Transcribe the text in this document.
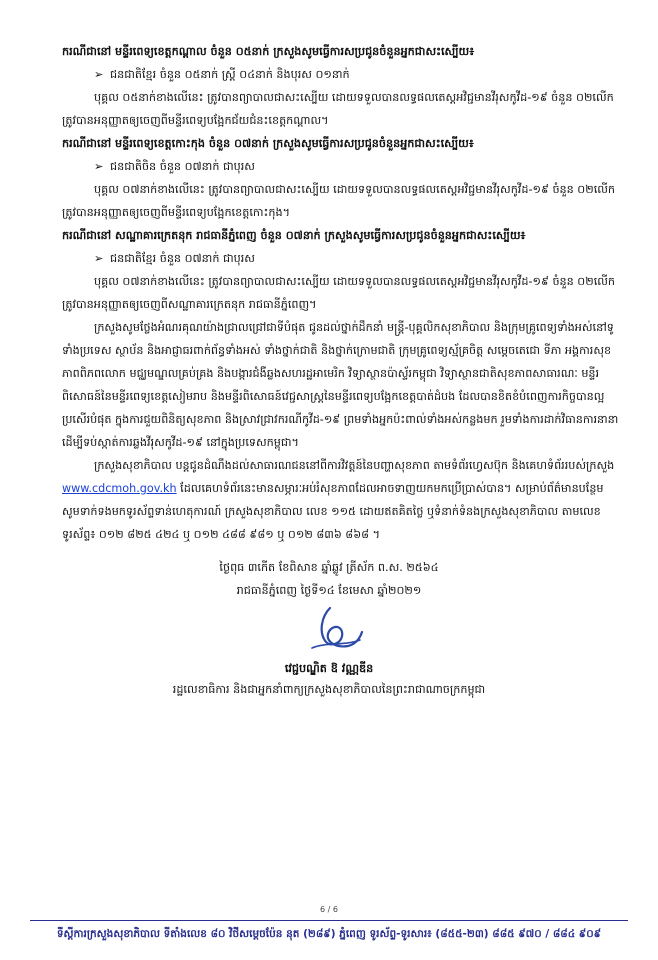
ករណីជានៅ មន្ទីរពេទ្យខេត្តកណ្តាល ចំនួន ០៥នាក់ ក្រសួងសូមធ្វើការសប្រជូនចំនួនអ្នកជាសះស្បើយ៖

➢ ជនជាតិខ្មែរ ចំនួន ០៥នាក់ ស្ត្រី ០៤នាក់ និងបុរស ០១នាក់

បុគ្គល ០៥នាក់ខាងលើនេះ ត្រូវបានព្យាបាលជាសះស្បើយ ដោយទទួលបានលទ្ធផលតេស្តអវិជ្ជមានវីរុសកូវីដ-១៩ ចំនួន ០២លើក ត្រូវបានអនុញ្ញាតឲ្យចេញពីមន្ទីរពេទ្យបង្អែកជ័យជំនះខេត្តកណ្តាល។

ករណីជានៅ មន្ទីរពេទ្យខេត្តកោះកុង ចំនួន ០៧នាក់ ក្រសួងសូមធ្វើការសប្រជូនចំនួនអ្នកជាសះស្បើយ៖

➢ ជនជាតិចិន ចំនួន ០៧នាក់ ជាបុរស

បុគ្គល ០៧នាក់ខាងលើនេះ ត្រូវបានព្យាបាលជាសះស្បើយ ដោយទទួលបានលទ្ធផលតេស្តអវិជ្ជមានវីរុសកូវីដ-១៩ ចំនួន ០២លើក ត្រូវបានអនុញ្ញាតឲ្យចេញពីមន្ទីរពេទ្យបង្អែកខេត្តកោះកុង។

ករណីជានៅ សណ្ឋាគារក្រេតនុក រាជធានីភ្នំពេញ ចំនួន ០៧នាក់ ក្រសួងសូមធ្វើការសប្រជូនចំនួនអ្នកជាសះស្បើយ៖

➢ ជនជាតិខ្មែរ ចំនួន ០៧នាក់ ជាបុរស

បុគ្គល ០៧នាក់ខាងលើនេះ ត្រូវបានព្យាបាលជាសះស្បើយ ដោយទទួលបានលទ្ធផលតេស្តអវិជ្ជមានវីរុសកូវីដ-១៩ ចំនួន ០២លើក ត្រូវបានអនុញ្ញាតឲ្យចេញពីសណ្ឋាគារក្រេតនុក រាជធានីភ្នំពេញ។

ក្រសួងសូមថ្លែងអំណរគុណយ៉ាងជ្រាលជ្រៅជាទីបំផុត ជូនដល់ថ្នាក់ដឹកនាំ មន្ត្រី-បុគ្គលិកសុខាភិបាល និងក្រុមគ្រូពេទ្យទាំងអស់នៅទូទាំងប្រទេស ស្ថាប័ន និងអាជ្ញាធរពាក់ព័ន្ធទាំងអស់ ទាំងថ្នាក់ជាតិ និងថ្នាក់ក្រោមជាតិ ក្រុមគ្រូពេទ្យស្ម័គ្រចិត្ត សម្តេចតេជោ ទីភា អង្គការសុខភាពពិភពលោក មជ្ឈមណ្ឌលគ្រប់គ្រង និងបង្ការជំងឺឆ្លងសហរដ្ឋអាមេរិក វិទ្យាស្ថានប៉ាស្ទ័រកម្ពុជា វិទ្យាស្ថានជាតិសុខភាពសាធារណៈ មន្ទីរពិសោធន៍នៃមន្ទីរពេទ្យខេត្តសៀមរាប និងមន្ទីរពិសោធន៍វេជ្ជសាស្ត្រនៃមន្ទីរពេទ្យបង្អែកខេត្តបាត់ដំបង ដែលបានខិតខំបំពេញការកិច្ចបានល្អប្រសើរបំផុត ក្នុងការជួយពិនិត្យសុខភាព និងស្រាវជ្រាវករណីកូវីដ-១៩ ព្រមទាំងអ្នកប៉ះពាល់ទាំងអស់កន្លងមក រួមទាំងការដាក់វិធានការនានា ដើម្បីទប់ស្កាត់ការឆ្លងវីរុសកូវីដ-១៩ នៅក្នុងប្រទេសកម្ពុជា។

ក្រសួងសុខាភិបាល បន្តជូនដំណឹងដល់សាធារណជននៅពីការវិវត្តន៍នៃបញ្ហាសុខភាព តាមទំព័រហ្វេសប៊ុក និងគេហទំព័ររបស់ក្រសួង www.cdcmoh.gov.kh ដែលគេហទំព័រនេះមានសម្ភារៈអប់រំសុខភាពដែលអាចទាញយកមកប្រើប្រាស់បាន។ សម្រាប់ព័ត៌មានបន្ថែម សូមទាក់ទងមកទូរស័ព្ទទាន់ហេតុការណ៍ ក្រសួងសុខាភិបាល លេខ ១១៥ ដោយឥតគិតថ្លៃ ឬទំនាក់ទំនងក្រសួងសុខាភិបាល តាមលេខទូរស័ព្ទ៖ ០១២ ៨២៥ ៤២៤ ឬ ០១២ ៤៨៨ ៩៨១ ឬ ០១២ ៨៣៦ ៨៦៨ ។

ថ្ងៃពុធ ៣កើត ខែពិសាខ ឆ្នាំឆ្លូវ ត្រីស័ក ព.ស. ២៥៦៤
រាជធានីភ្នំពេញ ថ្ងៃទី១៤ ខែមេសា ឆ្នាំ២០២១
វេជ្ជបណ្ឌិត ឱ វណ្ណឌីន
រដ្ឋលេខាធិការ និងជាអ្នកនាំពាក្យក្រសួងសុខាភិបាលនៃព្រះរាជាណាចក្រកម្ពុជា
6 / 6
ទីស្តីការក្រសួងសុខាភិបាល ទីតាំងលេខ ៨០ វិថីសម្តេចប៉ែន នុត (២៨៩) ភ្នំពេញ ទូរស័ព្ទ-ទូរសារ៖ (៨៥៥-២៣) ៨៨៥ ៩៧០ / ៨៨៤ ៩០៩
